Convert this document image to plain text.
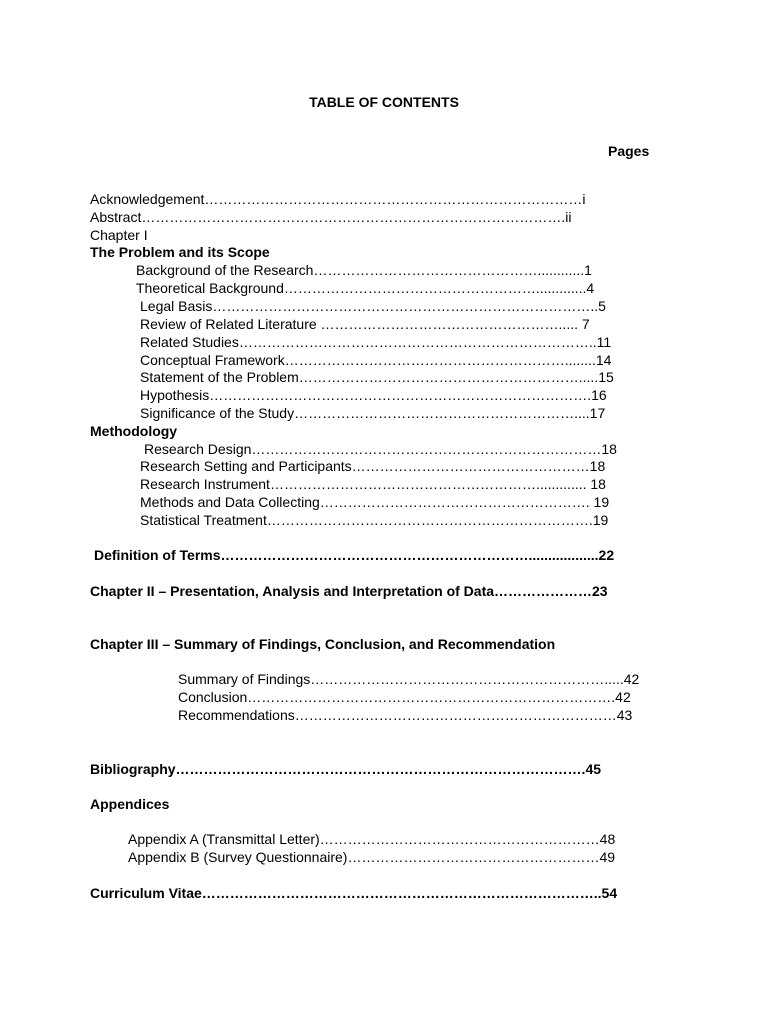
TABLE OF CONTENTS
Pages
Acknowledgement………………………………………………………………………i
Abstract……………………………………………………………………………….ii
Chapter I
The Problem and its Scope
Background of the Research…………………………………………............1
Theoretical Background……………………………………………….............4
Legal Basis………………………………………………………………………..5
Review of Related Literature ……………………………………………..... 7
Related Studies…………………………………………………………………..11
Conceptual Framework……………………………………………………........14
Statement of the Problem…………………………………………………….....15
Hypothesis……………………………………………………………………….16
Significance of the Study……………………………………………………....17
Methodology
Research Design…………………………………………………………………18
Research Setting and Participants……………………………………………18
Research Instrument…………………………………………………............. 18
Methods and Data Collecting…………………………………………………. 19
Statistical Treatment…………………………………………………………….19
Definition of Terms…………………………………………………………..................22
Chapter II – Presentation, Analysis and Interpretation of Data…………………23
Chapter III – Summary of Findings, Conclusion, and Recommendation
Summary of Findings……………………………………………………….....42
Conclusion…………………………………………………………………….42
Recommendations……………………………………………………………43
Bibliography…………………………………………………………………………….45
Appendices
Appendix A (Transmittal Letter)……………………………………………………48
Appendix B (Survey Questionnaire)………………………………………………49
Curriculum Vitae…………………………………………………………………………..54
